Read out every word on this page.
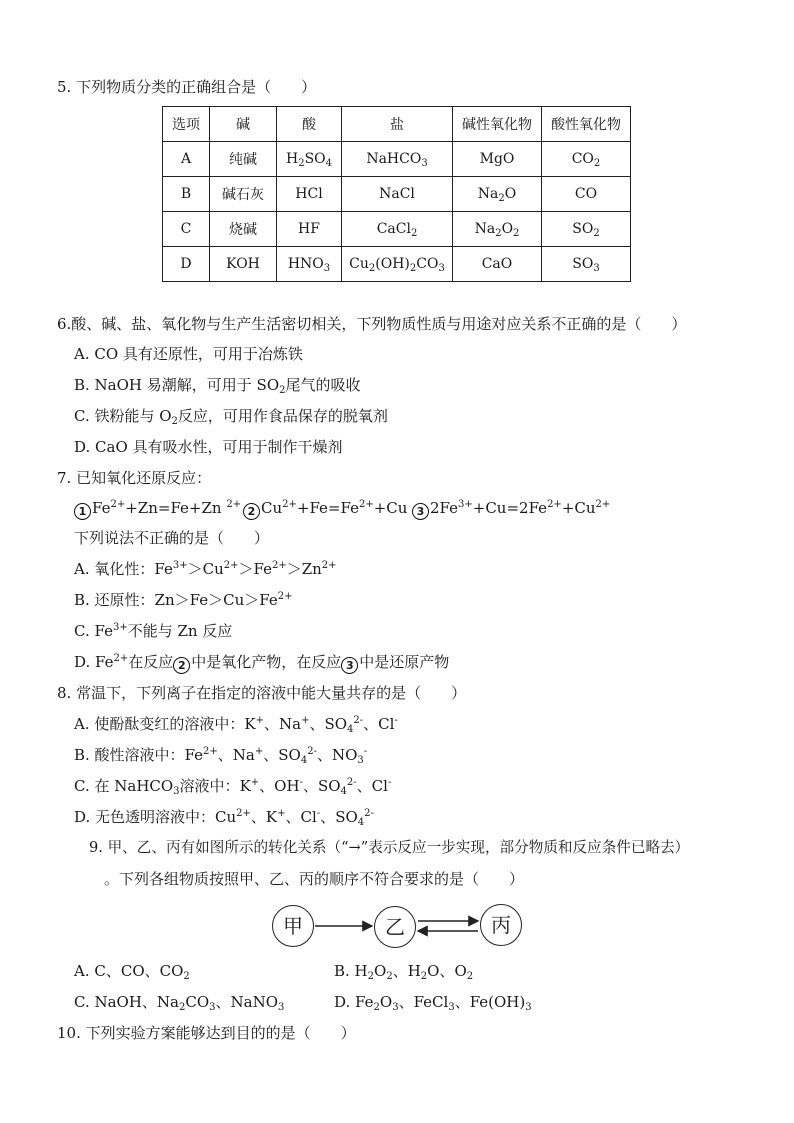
5. 下列物质分类的正确组合是（　　）
选项	碱	酸	盐	碱性氧化物	酸性氧化物
A	纯碱	$H_2SO_4$	NaHCO$_3$	MgO	$CO_2$
B	碱石灰	HCl	NaCl	$Na_2O$	CO
C	烧碱	HF	CaCl$_2$	$Na_2O_2$	$SO_2$
D	KOH	$HNO_3$	$Cu_2(OH)_2CO_3$	CaO	$SO_3$
6.酸、碱、盐、氧化物与生产生活密切相关，下列物质性质与用途对应关系不正确的是（　　）
A. CO 具有还原性，可用于冶炼铁
B. NaOH 易潮解，可用于 $SO_2$尾气的吸收
C. 铁粉能与 $O_2$反应，可用作食品保存的脱氧剂
D. CaO 具有吸水性，可用于制作干燥剂
7. 已知氧化还原反应：
1 $Fe^{2+}+Zn=Fe+Zn$ $^{2+}$
2 $Cu^{2+}+Fe=Fe^{2+}+Cu$ 3 $2Fe^{3+}+Cu=2Fe^{2+}+Cu^{2+}$
下列说法不正确的是（　　）
A. 氧化性：$Fe^{3+}>Cu^{2+}>Fe^{2+}>Zn^{2+}$
B. 还原性：$Zn>Fe>Cu>Fe^{2+}$
C. $Fe^{3+}$不能与 Zn 反应
D. $Fe^{2+}$在反应 2 中是氧化产物，在反应 3 中是还原产物
8. 常温下，下列离子在指定的溶液中能大量共存的是（　　）
A. 使酚酞变红的溶液中：K+、Na+、$SO_4^{2-}$、Cl-
B. 酸性溶液中：$Fe^{2+}$、Na+、$SO_4^{2-}$、$NO_3^-$
C. 在 NaHCO$_3$溶液中：K+、OH-、$SO_4^{2-}$、Cl-
D. 无色透明溶液中：$Cu^{2+}$、K+、Cl-、$SO_4^{2-}$
9. 甲、乙、丙有如图所示的转化关系（“→”表示反应一步实现，部分物质和反应条件已略去）
。下列各组物质按照甲、乙、丙的顺序不符合要求的是（　　）
甲	乙	丙
A. C、CO、$CO_2$	B. $H_2O_2$、$H_2O$、$O_2$
C. NaOH、$Na_2CO_3$、NaNO$_3$	D. $Fe_2O_3$、FeCl$_3$、$Fe(OH)_3$
10. 下列实验方案能够达到目的的是（　　）
